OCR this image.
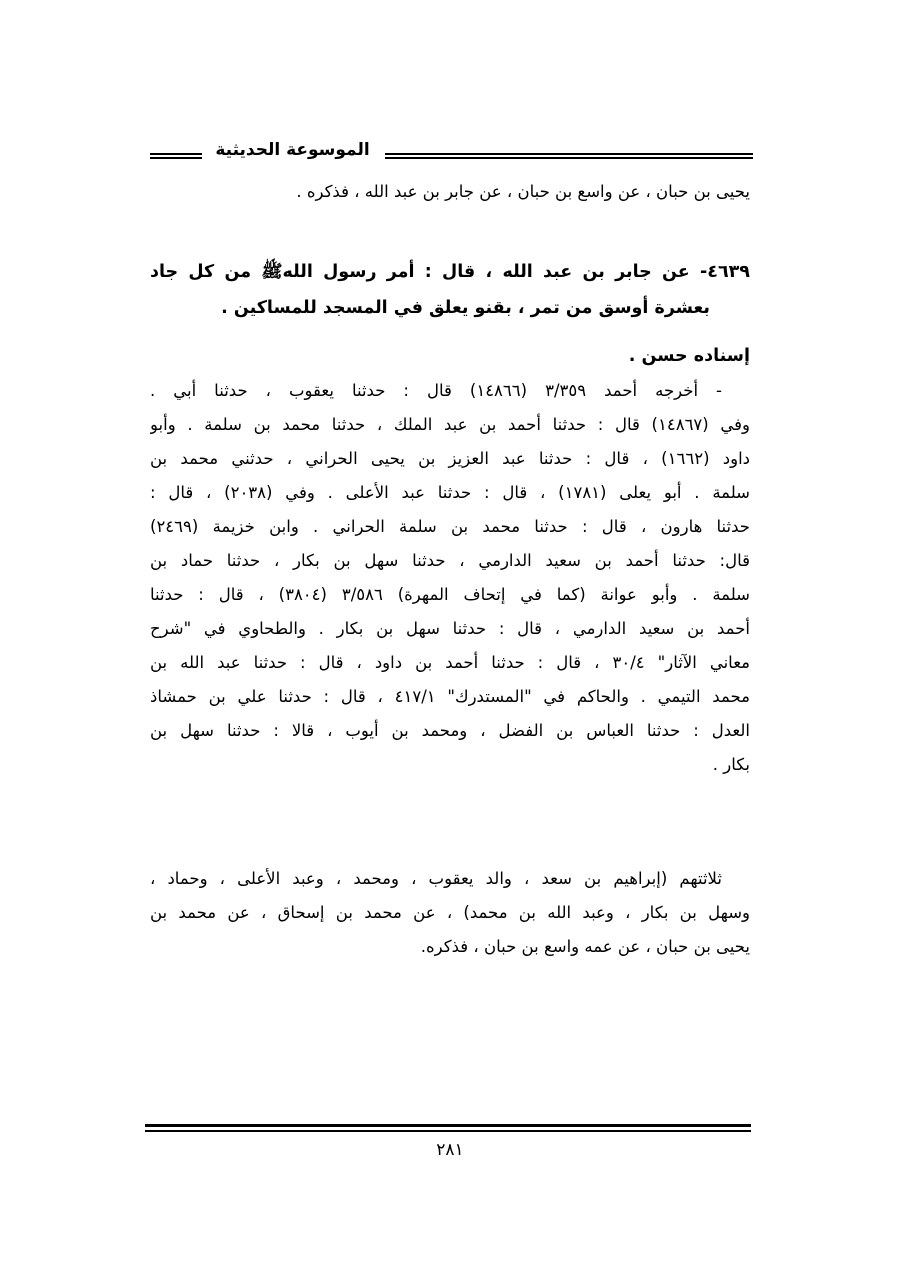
الموسوعة الحديثية

يحيى بن حبان ، عن واسع بن حبان ، عن جابر بن عبد الله ، فذكره .

٤٦٣٩- عن جابر بن عبد الله ، قال : أمر رسول اللهﷺ من كل جاد
بعشرة أوسق من تمر ، بقنو يعلق في المسجد للمساكين .

إسناده حسن .

- أخرجه أحمد ٣/٣٥٩ (١٤٨٦٦) قال : حدثنا يعقوب ، حدثنا أبي .
وفي (١٤٨٦٧) قال : حدثنا أحمد بن عبد الملك ، حدثنا محمد بن سلمة . وأبو
داود (١٦٦٢) ، قال : حدثنا عبد العزيز بن يحيى الحراني ، حدثني محمد بن
سلمة . أبو يعلى (١٧٨١) ، قال : حدثنا عبد الأعلى . وفي (٢٠٣٨) ، قال :
حدثنا هارون ، قال : حدثنا محمد بن سلمة الحراني . وابن خزيمة (٢٤٦٩)
قال: حدثنا أحمد بن سعيد الدارمي ، حدثنا سهل بن بكار ، حدثنا حماد بن
سلمة . وأبو عوانة (كما في إتحاف المهرة) ٣/٥٨٦ (٣٨٠٤) ، قال : حدثنا
أحمد بن سعيد الدارمي ، قال : حدثنا سهل بن بكار . والطحاوي في "شرح
معاني الآثار" ٣٠/٤ ، قال : حدثنا أحمد بن داود ، قال : حدثنا عبد الله بن
محمد التيمي . والحاكم في "المستدرك" ٤١٧/١ ، قال : حدثنا علي بن حمشاذ
العدل : حدثنا العباس بن الفضل ، ومحمد بن أيوب ، قالا : حدثنا سهل بن
بكار .

ثلاثتهم (إبراهيم بن سعد ، والد يعقوب ، ومحمد ، وعبد الأعلى ، وحماد ،
وسهل بن بكار ، وعبد الله بن محمد) ، عن محمد بن إسحاق ، عن محمد بن
يحيى بن حبان ، عن عمه واسع بن حبان ، فذكره.

٢٨١
